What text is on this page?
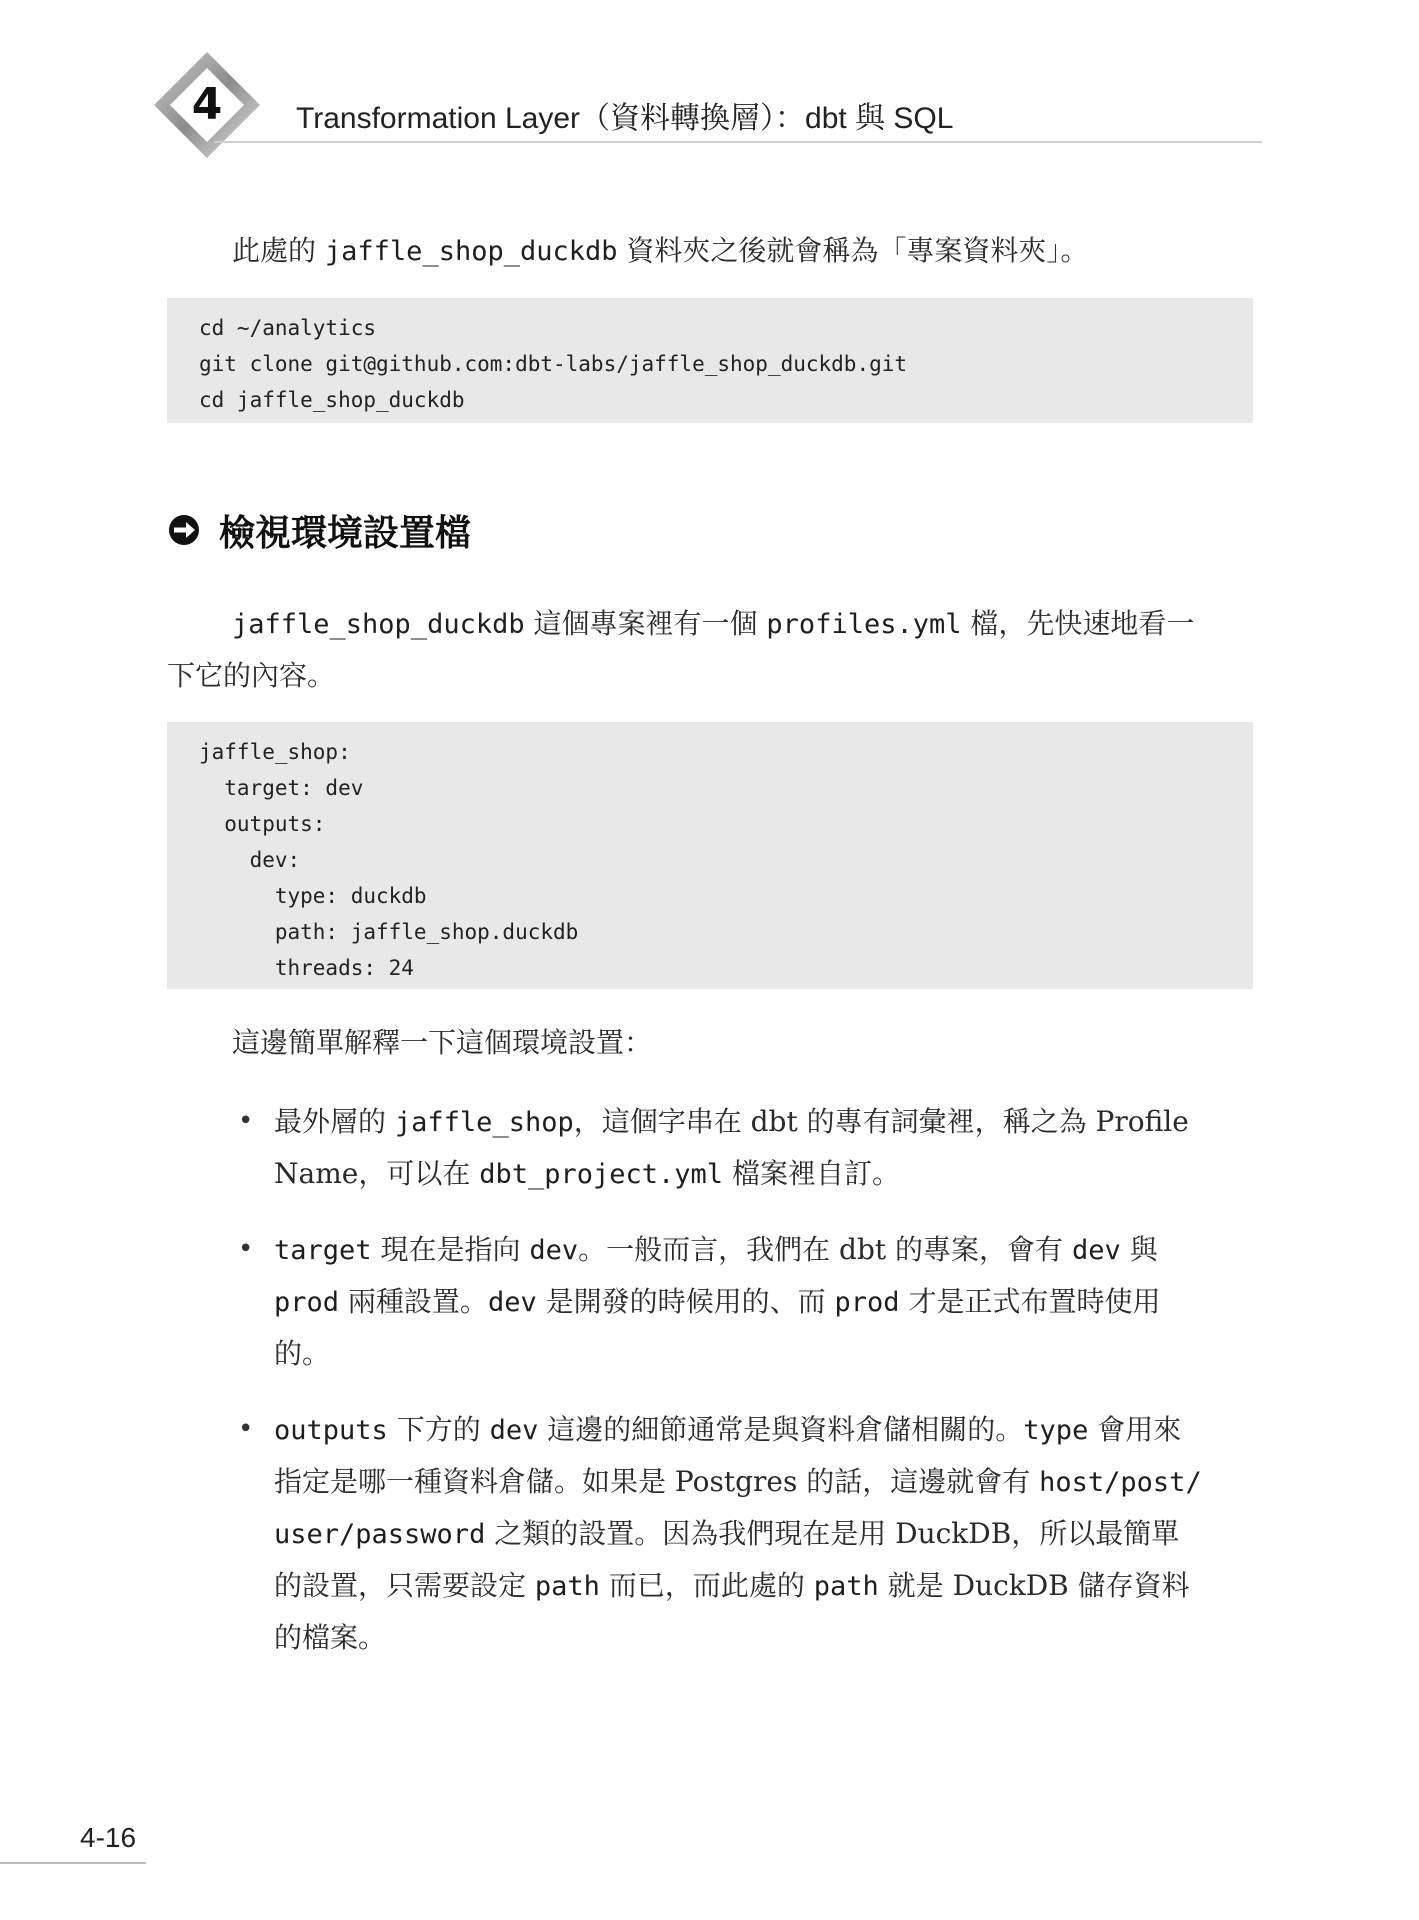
4	Transformation Layer（資料轉換層）：dbt 與 SQL
此處的 jaffle_shop_duckdb 資料夾之後就會稱為「專案資料夾」。
cd ~/analytics
git clone git@github.com:dbt-labs/jaffle_shop_duckdb.git
cd jaffle_shop_duckdb
檢視環境設置檔
jaffle_shop_duckdb 這個專案裡有一個 profiles.yml 檔，先快速地看一
下它的內容。
jaffle_shop:
target: dev
outputs:
dev:
type: duckdb
path: jaffle_shop.duckdb
threads: 24
這邊簡單解釋一下這個環境設置：
• 最外層的 jaffle_shop，這個字串在 dbt 的專有詞彙裡，稱之為 Profile
Name，可以在 dbt_project.yml 檔案裡自訂。
• target 現在是指向 dev。一般而言，我們在 dbt 的專案，會有 dev 與
prod 兩種設置。dev 是開發的時候用的、而 prod 才是正式布置時使用
的。
• outputs 下方的 dev 這邊的細節通常是與資料倉儲相關的。type 會用來
指定是哪一種資料倉儲。如果是 Postgres 的話，這邊就會有 host/post/
user/password 之類的設置。因為我們現在是用 DuckDB，所以最簡單
的設置，只需要設定 path 而已，而此處的 path 就是 DuckDB 儲存資料
的檔案。
4-16
